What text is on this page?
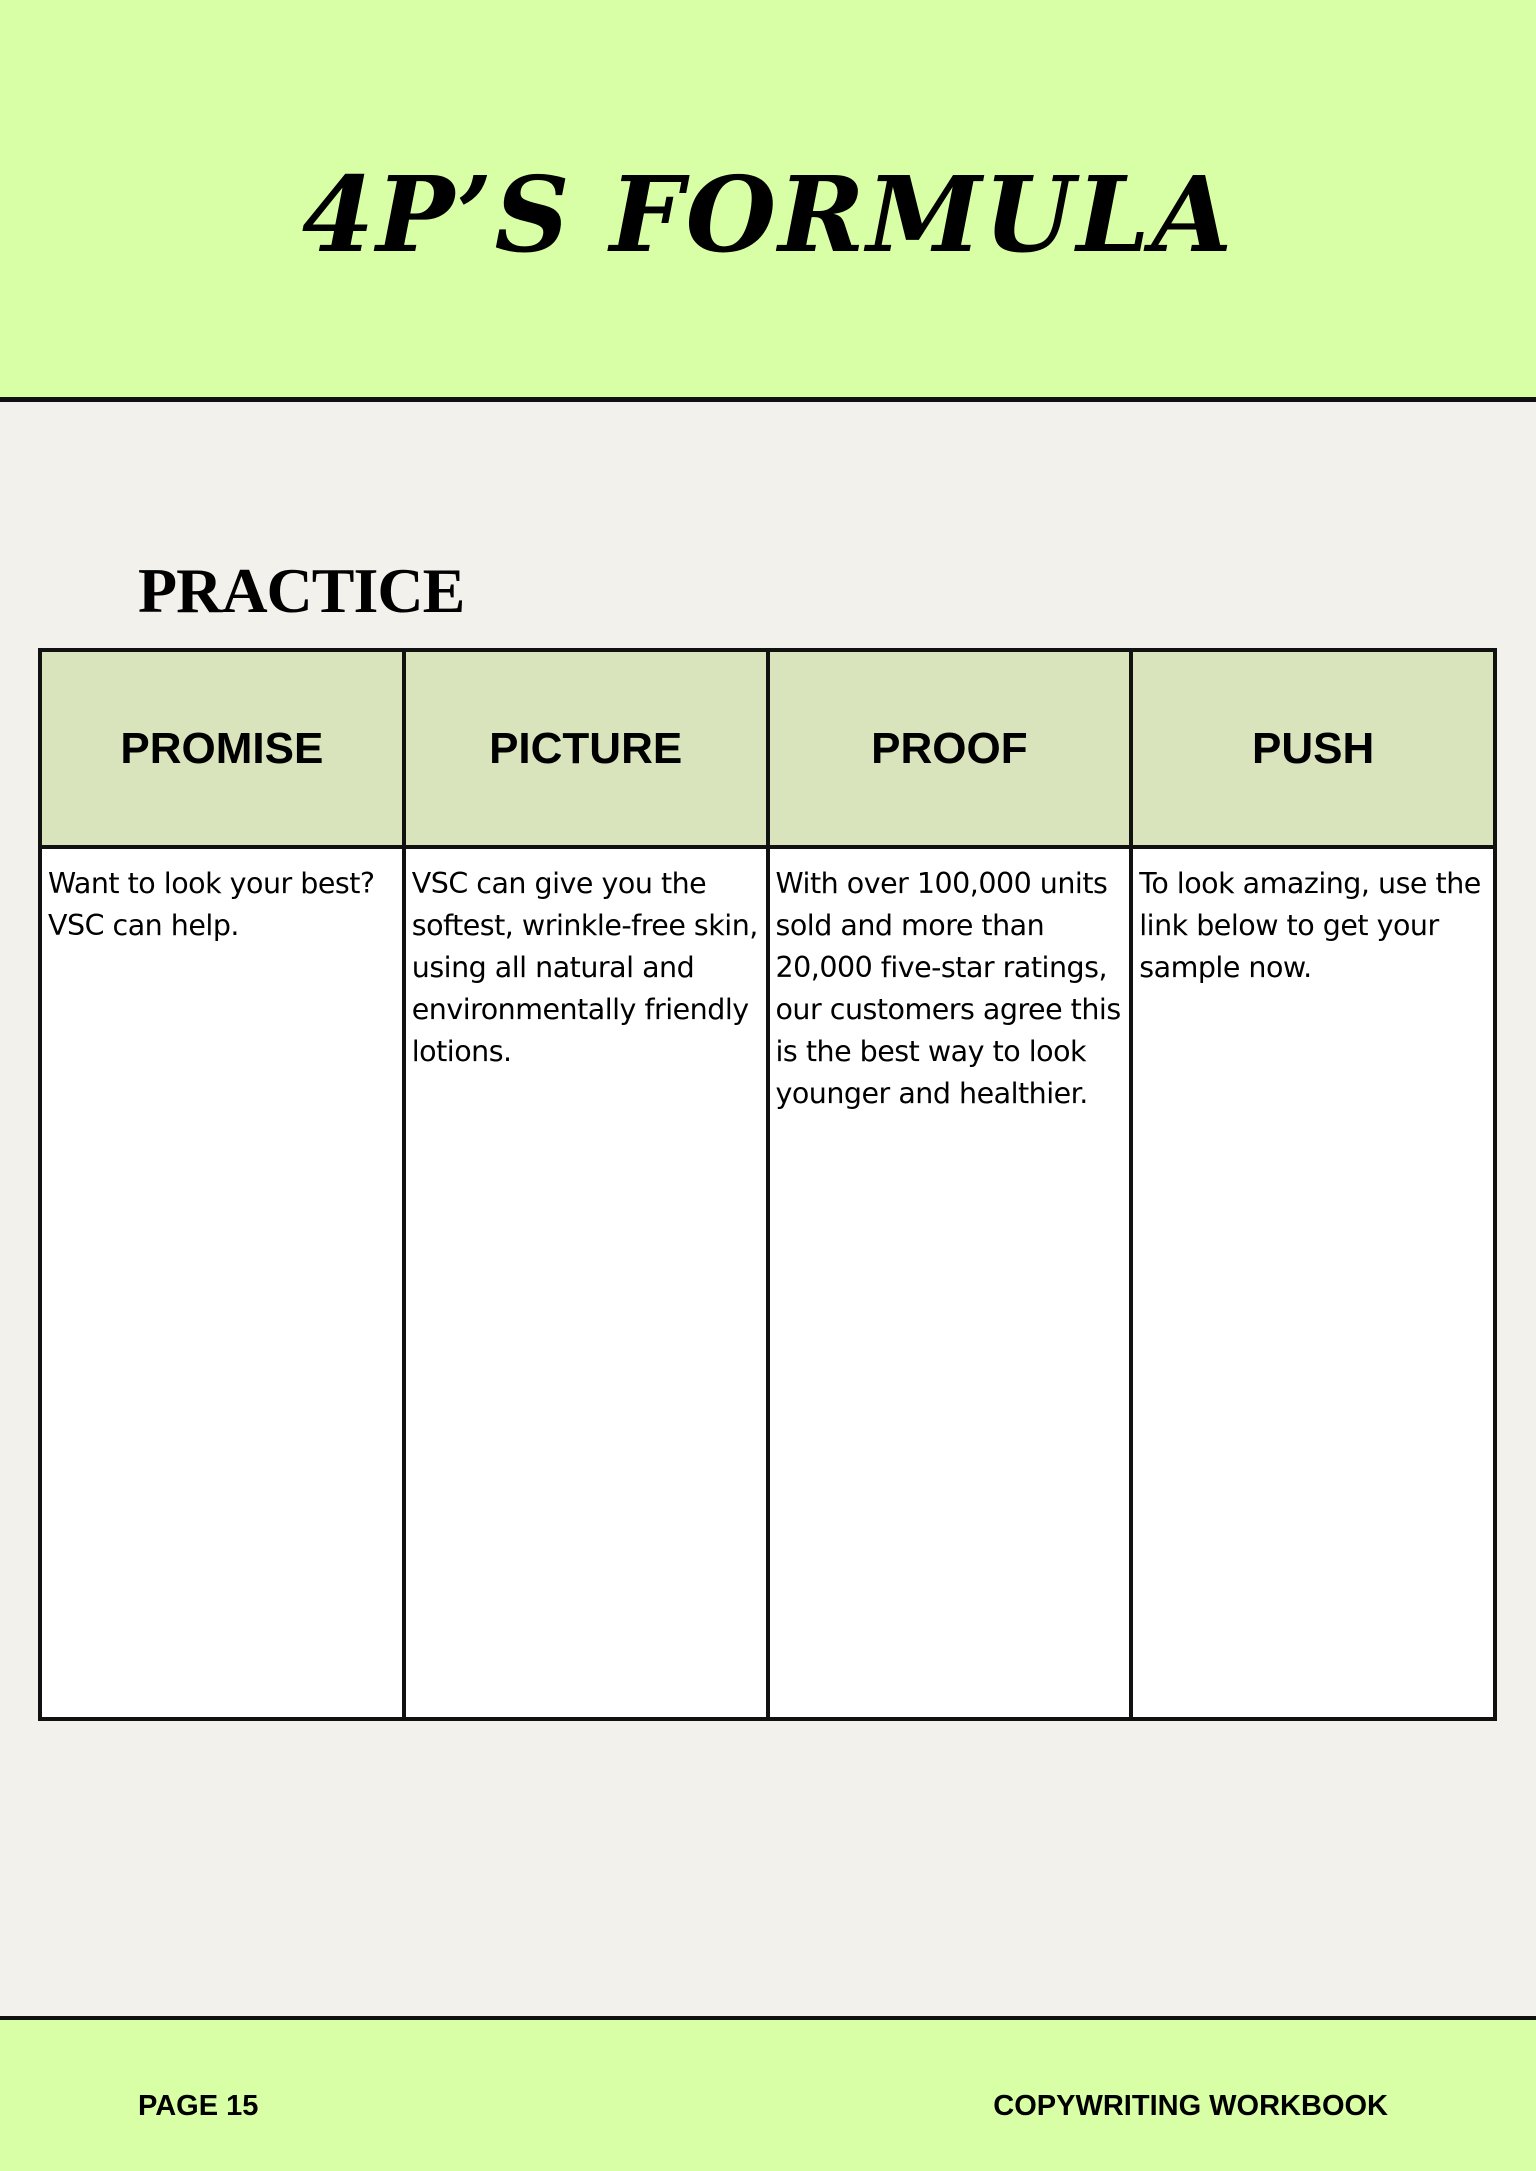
4P’S FORMULA
PRACTICE
PROMISE	PICTURE	PROOF	PUSH
Want to look your best? VSC can help.	VSC can give you the softest, wrinkle-free skin, using all natural and environmentally friendly lotions.	With over 100,000 units sold and more than 20,000 five-star ratings, our customers agree this is the best way to look younger and healthier.	To look amazing, use the link below to get your sample now.
PAGE 15	COPYWRITING WORKBOOK
